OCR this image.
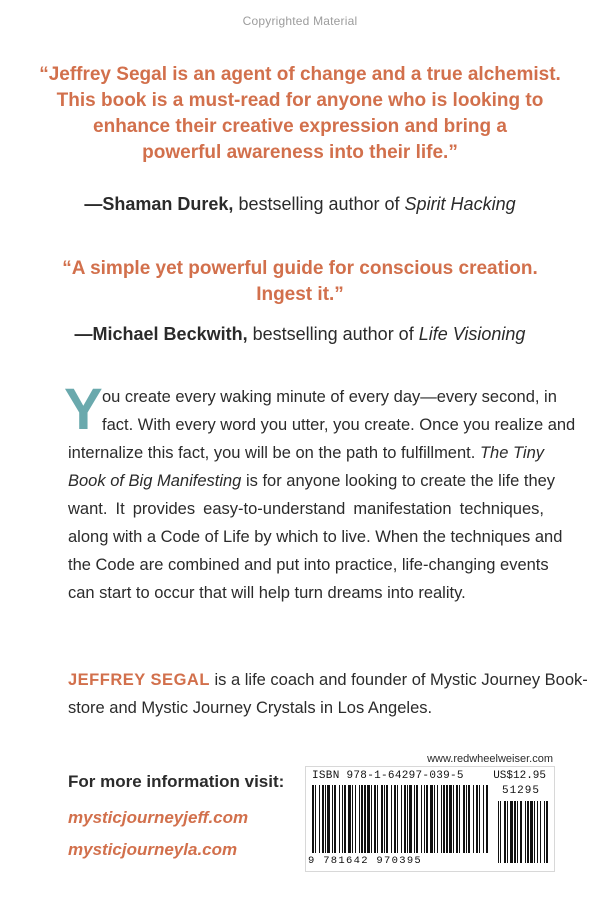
Copyrighted Material
“Jeffrey Segal is an agent of change and a true alchemist.
This book is a must-read for anyone who is looking to
enhance their creative expression and bring a
powerful awareness into their life.”
—Shaman Durek, bestselling author of Spirit Hacking
“A simple yet powerful guide for conscious creation.
Ingest it.”
—Michael Beckwith, bestselling author of Life Visioning
Y ou create every waking minute of every day—every second, in
fact. With every word you utter, you create. Once you realize and
internalize this fact, you will be on the path to fulfillment. The Tiny
Book of Big Manifesting is for anyone looking to create the life they
want. It provides easy-to-understand manifestation techniques,
along with a Code of Life by which to live. When the techniques and
the Code are combined and put into practice, life-changing events
can start to occur that will help turn dreams into reality.
JEFFREY SEGAL is a life coach and founder of Mystic Journey Book-
store and Mystic Journey Crystals in Los Angeles.
For more information visit:
mysticjourneyjeff.com
mysticjourneyla.com
www.redwheelweiser.com
ISBN 978-1-64297-039-5	US$12.95
51295
9 781642 970395
